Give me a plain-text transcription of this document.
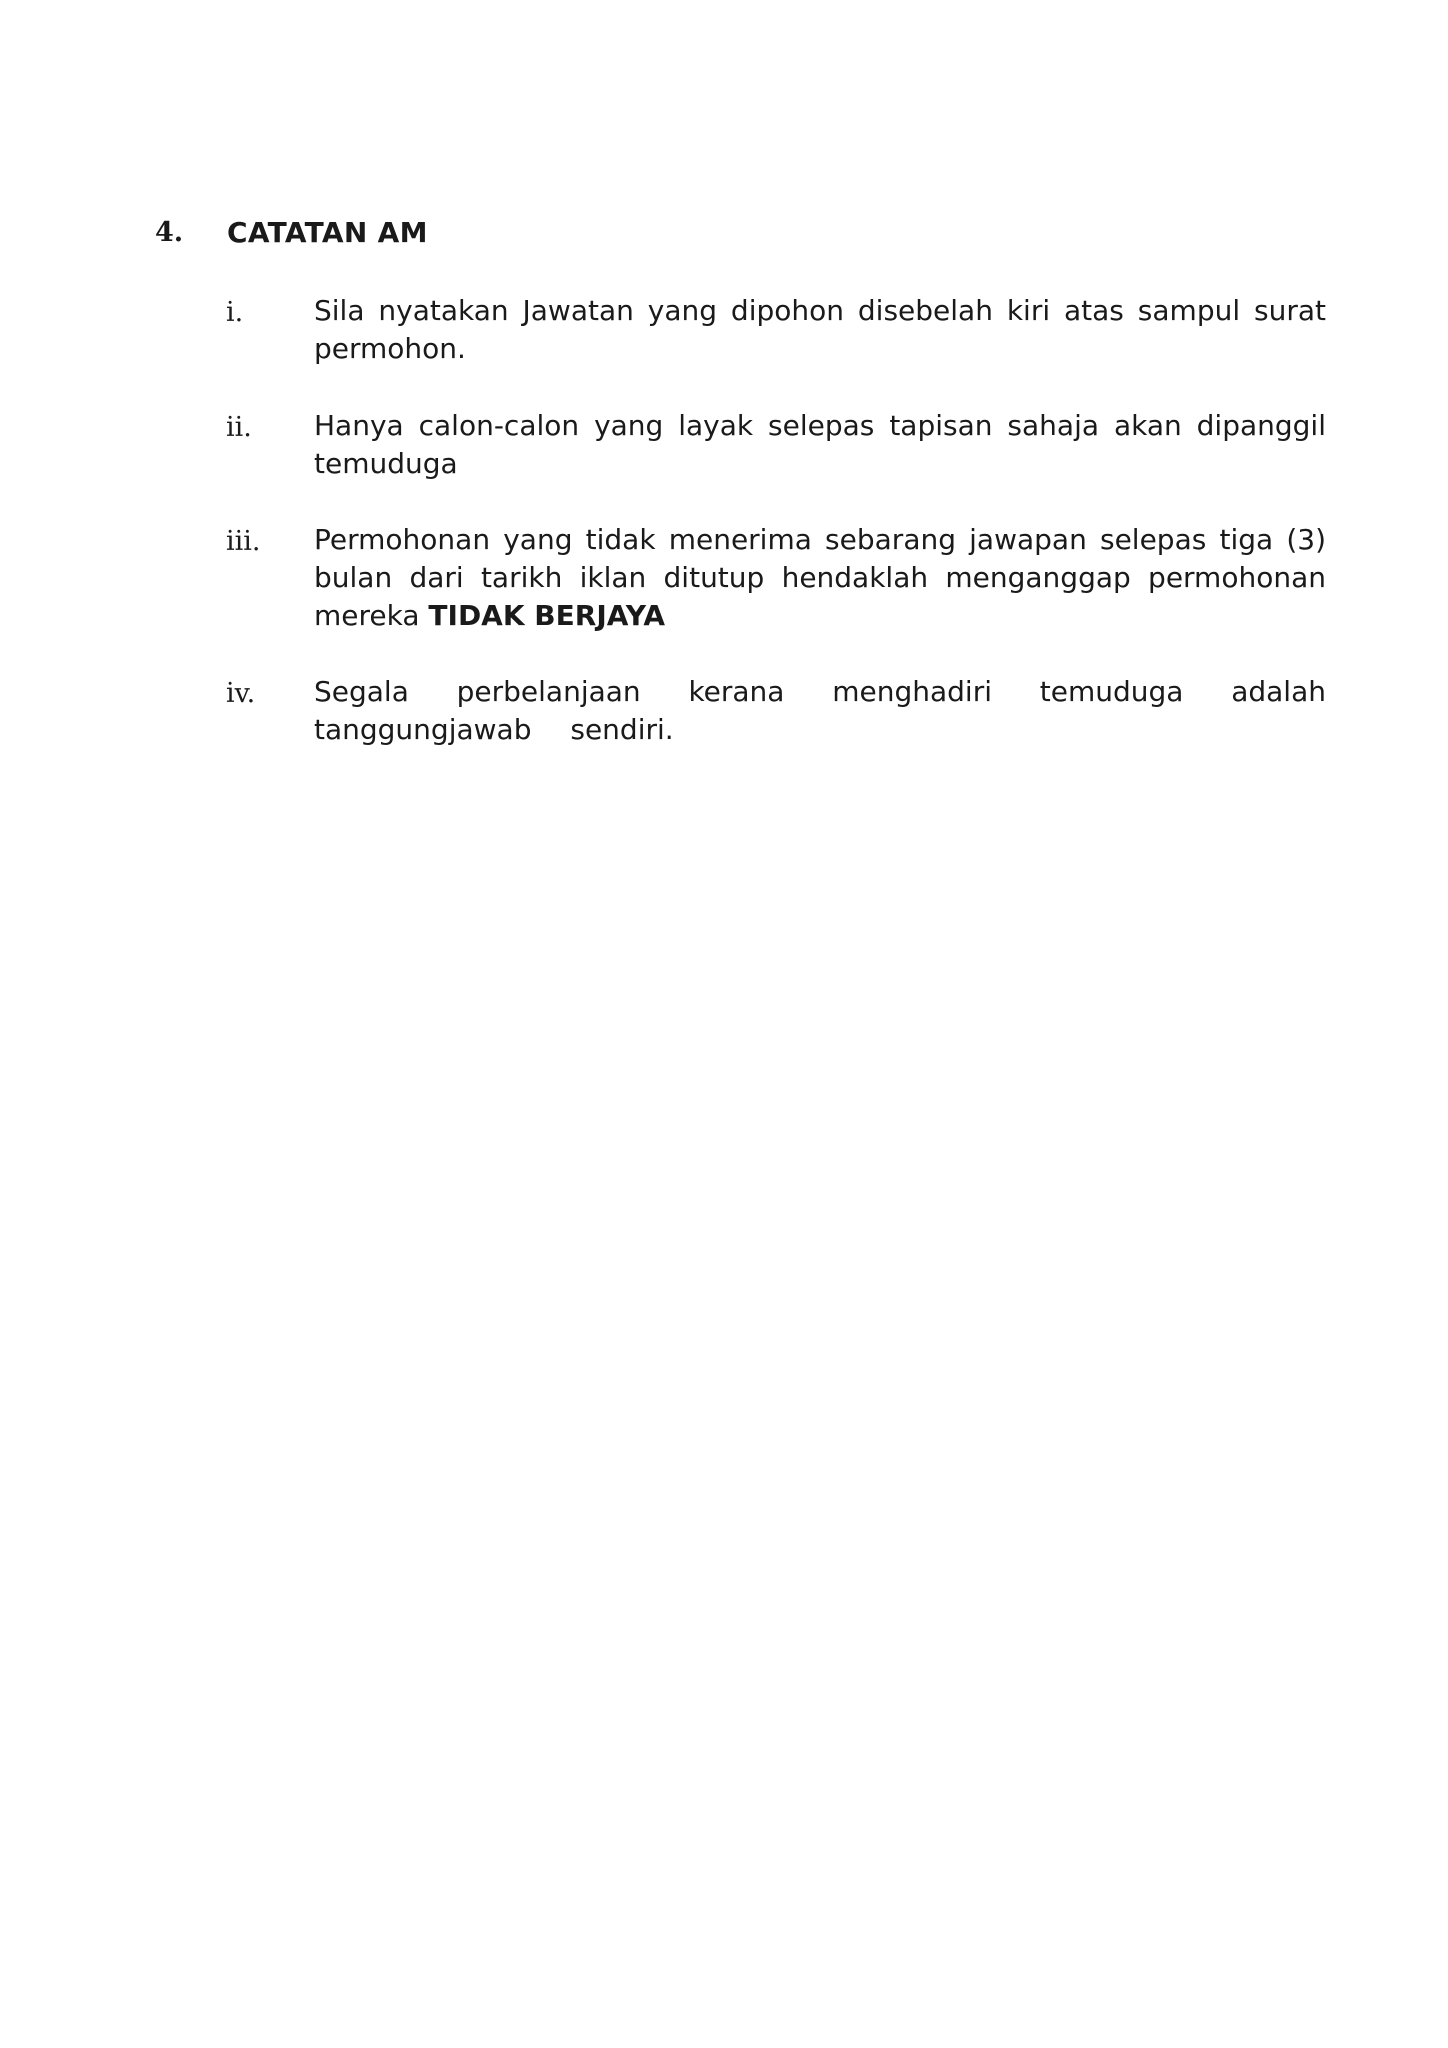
4.	CATATAN AM
i.	Sila nyatakan Jawatan yang dipohon disebelah kiri atas sampul surat permohon.
ii.	Hanya calon-calon yang layak selepas tapisan sahaja akan dipanggil temuduga
iii.	Permohonan yang tidak menerima sebarang jawapan selepas tiga (3) bulan dari tarikh iklan ditutup hendaklah menganggap permohonan mereka TIDAK BERJAYA
iv.	Segala perbelanjaan kerana menghadiri temuduga adalah tanggungjawab sendiri.
